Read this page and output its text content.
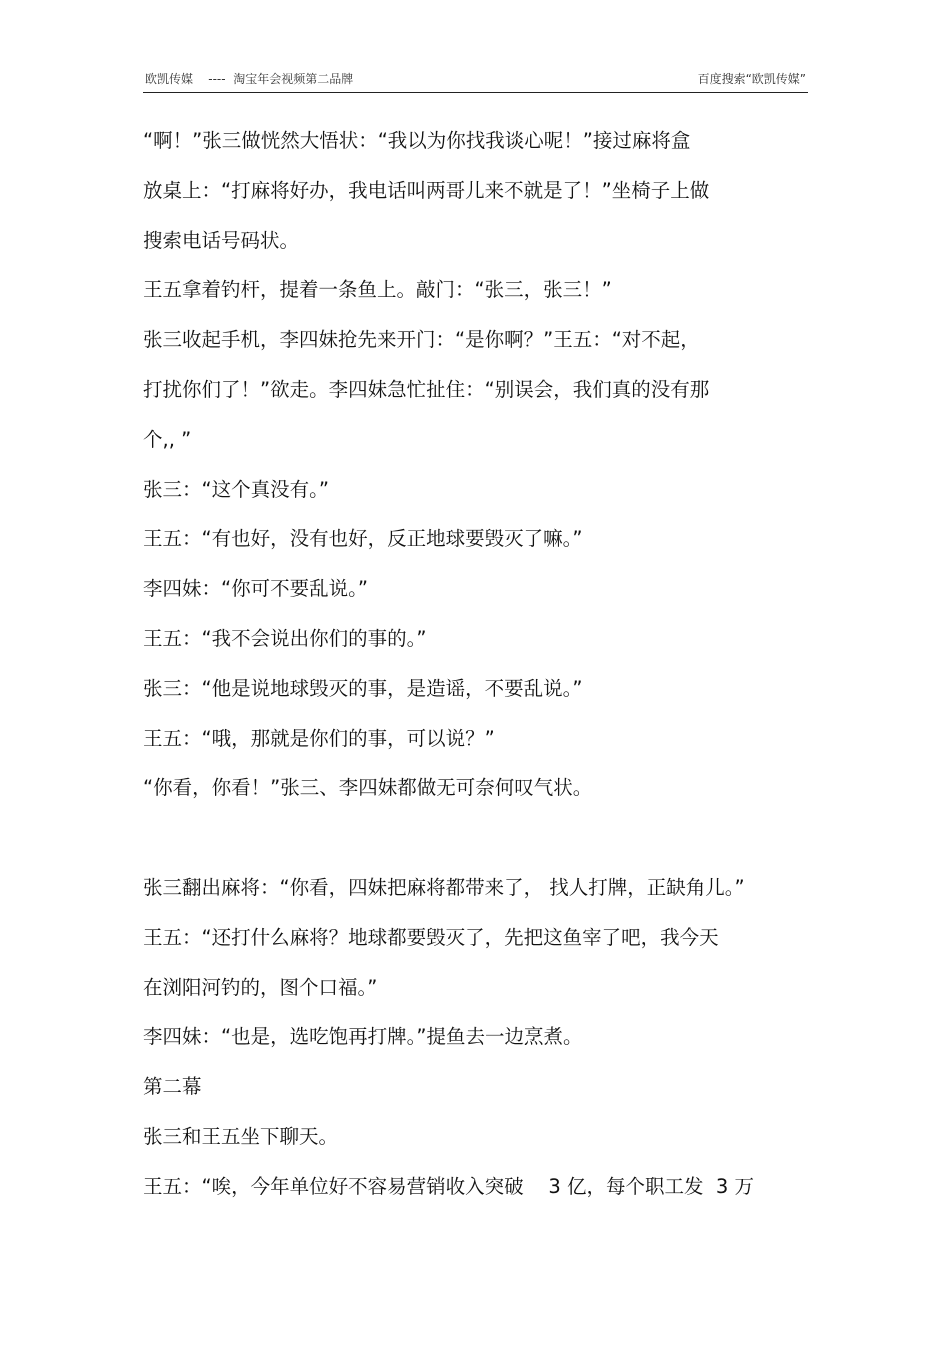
欧凯传媒    ----  淘宝年会视频第二品牌	百度搜索“欧凯传媒”
“啊！”张三做恍然大悟状：“我以为你找我谈心呢！”接过麻将盒
放桌上：“打麻将好办，我电话叫两哥儿来不就是了！”坐椅子上做
搜索电话号码状。
王五拿着钓杆，提着一条鱼上。敲门：“张三，张三！”
张三收起手机，李四妹抢先来开门：“是你啊？”王五：“对不起，
打扰你们了！”欲走。李四妹急忙扯住：“别误会，我们真的没有那
个,, ”
张三：“这个真没有。”
王五：“有也好，没有也好，反正地球要毁灭了嘛。”
李四妹：“你可不要乱说。”
王五：“我不会说出你们的事的。”
张三：“他是说地球毁灭的事，是造谣，不要乱说。”
王五：“哦，那就是你们的事，可以说？”
“你看，你看！”张三、李四妹都做无可奈何叹气状。
张三翻出麻将：“你看，四妹把麻将都带来了， 找人打牌，正缺角儿。”
王五：“还打什么麻将？地球都要毁灭了，先把这鱼宰了吧，我今天
在浏阳河钓的，图个口福。”
李四妹：“也是，选吃饱再打牌。”提鱼去一边烹煮。
第二幕
张三和王五坐下聊天。
王五：“唉，今年单位好不容易营销收入突破    3 亿，每个职工发  3 万
